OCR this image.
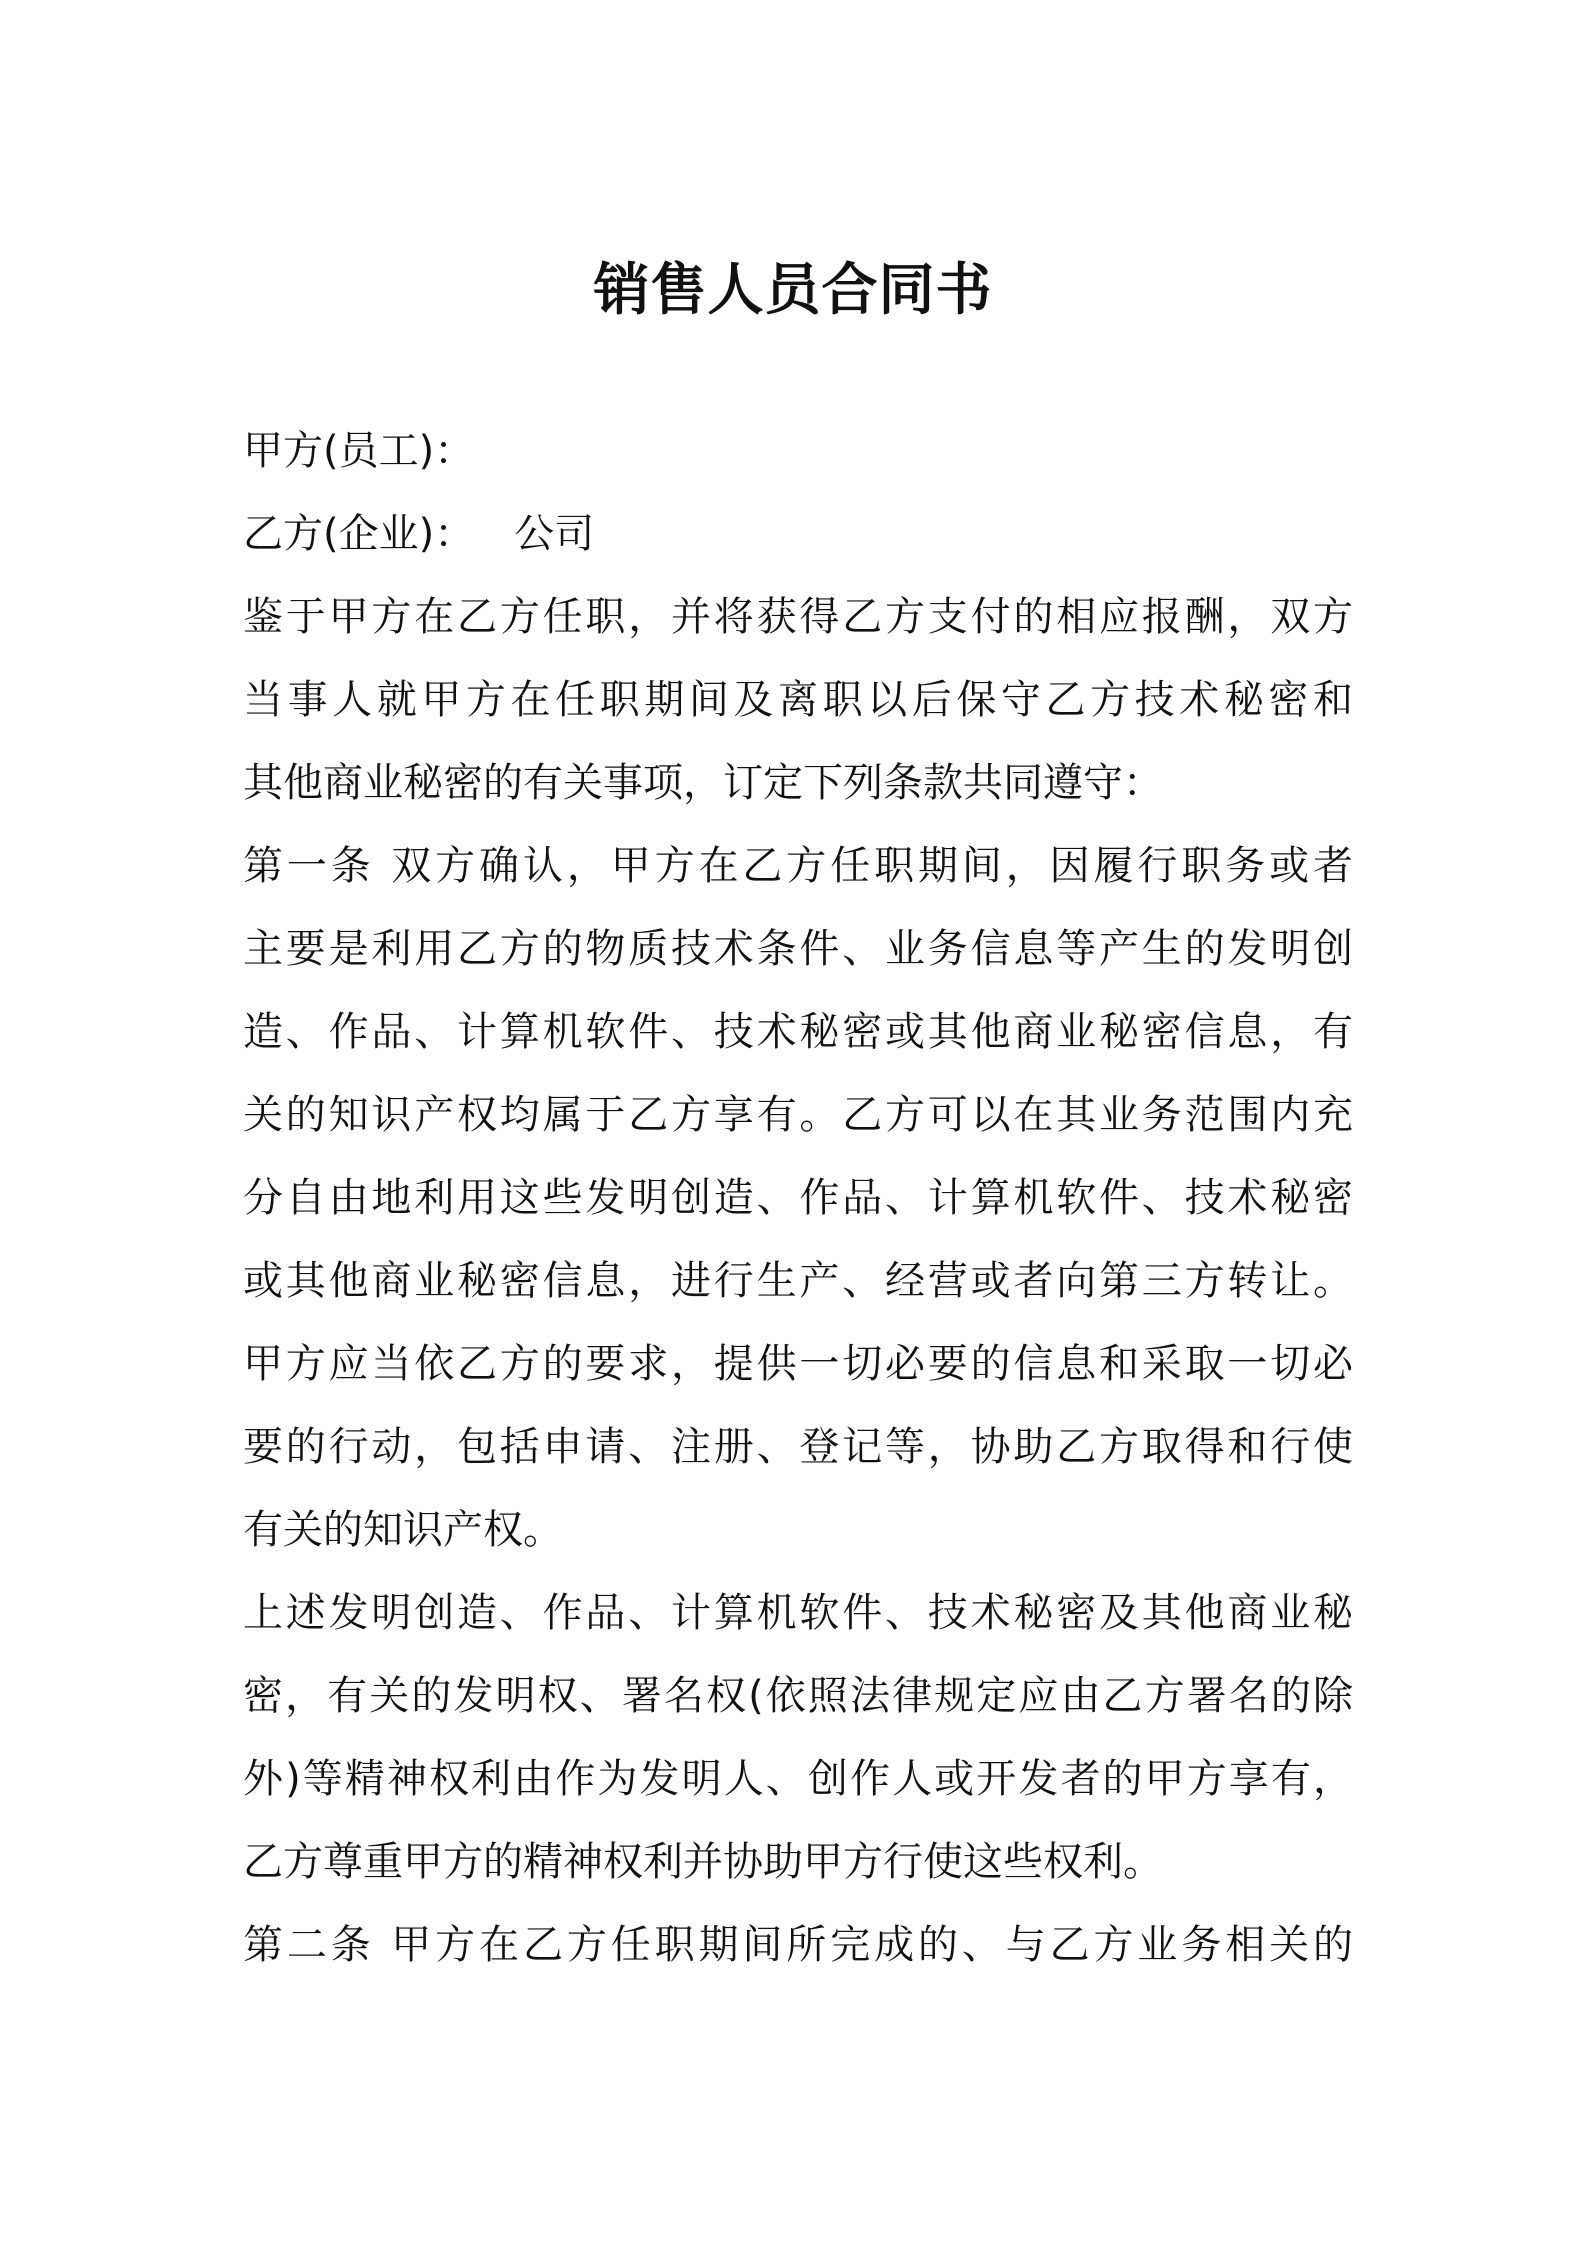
销售人员合同书
甲方(员工)：
乙方(企业)： 公司
鉴于甲方在乙方任职，并将获得乙方支付的相应报酬，双方
当事人就甲方在任职期间及离职以后保守乙方技术秘密和
其他商业秘密的有关事项，订定下列条款共同遵守：
第一条 双方确认，甲方在乙方任职期间，因履行职务或者
主要是利用乙方的物质技术条件、业务信息等产生的发明创
造、作品、计算机软件、技术秘密或其他商业秘密信息，有
关的知识产权均属于乙方享有。乙方可以在其业务范围内充
分自由地利用这些发明创造、作品、计算机软件、技术秘密
或其他商业秘密信息，进行生产、经营或者向第三方转让。
甲方应当依乙方的要求，提供一切必要的信息和采取一切必
要的行动，包括申请、注册、登记等，协助乙方取得和行使
有关的知识产权。
上述发明创造、作品、计算机软件、技术秘密及其他商业秘
密，有关的发明权、署名权(依照法律规定应由乙方署名的除
外)等精神权利由作为发明人、创作人或开发者的甲方享有，
乙方尊重甲方的精神权利并协助甲方行使这些权利。
第二条 甲方在乙方任职期间所完成的、与乙方业务相关的
